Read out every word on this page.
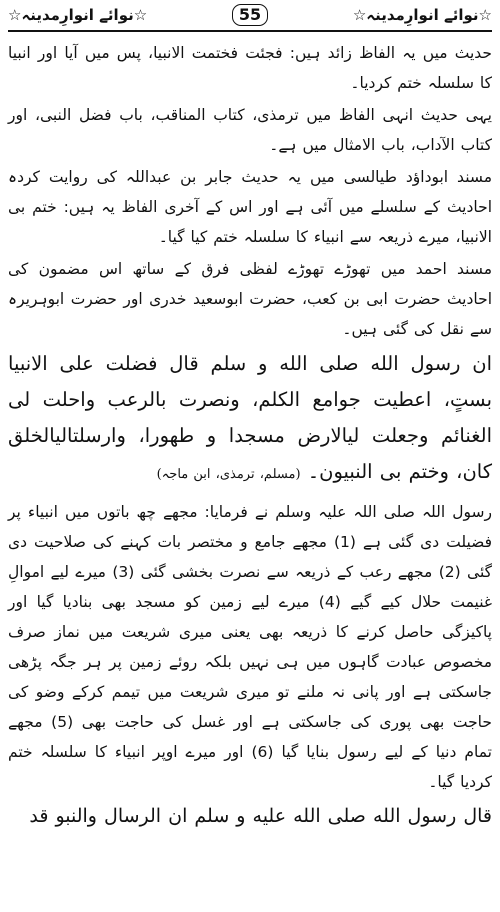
☆نوائے انوارِمدینہ☆
55
☆نوائے انوارِمدینہ☆

حدیث میں یہ الفاظ زائد ہیں: فجئت فختمت الانبیا، پس میں آیا اور انبیا کا سلسلہ ختم کردیا۔

یہی حدیث انہی الفاظ میں ترمذی، کتاب المناقب، باب فضل النبی، اور کتاب الآداب، باب الامثال میں ہے۔

مسند ابوداؤد طیالسی میں یہ حدیث جابر بن عبداللہ کی روایت کردہ احادیث کے سلسلے میں آئی ہے اور اس کے آخری الفاظ یہ ہیں: ختم بی الانبیا، میرے ذریعہ سے انبیاء کا سلسلہ ختم کیا گیا۔

مسند احمد میں تھوڑے تھوڑے لفظی فرق کے ساتھ اس مضمون کی احادیث حضرت ابی بن کعب، حضرت ابوسعید خدری اور حضرت ابوہریرہ سے نقل کی گئی ہیں۔

ان رسول الله صلى الله و سلم قال فضلت على الانبيا بستٍ، اعطيت جوامع الكلم، ونصرت بالرعب واحلت لى الغنائم وجعلت لیالارض مسجدا و طهورا، وارسلتالیالخلق كان، وختم بی النبیون۔ (مسلم، ترمذی، ابن ماجہ)

رسول اللہ صلی اللہ علیہ وسلم نے فرمایا: مجھے چھ باتوں میں انبیاء پر فضیلت دی گئی ہے (1) مجھے جامع و مختصر بات کہنے کی صلاحیت دی گئی (2) مجھے رعب کے ذریعہ سے نصرت بخشی گئی (3) میرے لیے اموالِ غنیمت حلال کیے گیے (4) میرے لیے زمین کو مسجد بھی بنادیا گیا اور پاکیزگی حاصل کرنے کا ذریعہ بھی یعنی میری شریعت میں نماز صرف مخصوص عبادت گاہوں میں ہی نہیں بلکہ روئے زمین پر ہر جگہ پڑھی جاسکتی ہے اور پانی نہ ملنے تو میری شریعت میں تیمم کرکے وضو کی حاجت بھی پوری کی جاسکتی ہے اور غسل کی حاجت بھی (5) مجھے تمام دنیا کے لیے رسول بنایا گیا (6) اور میرے اوپر انبیاء کا سلسلہ ختم کردیا گیا۔

قال رسول الله صلى الله عليه و سلم ان الرسال والنبو قد
